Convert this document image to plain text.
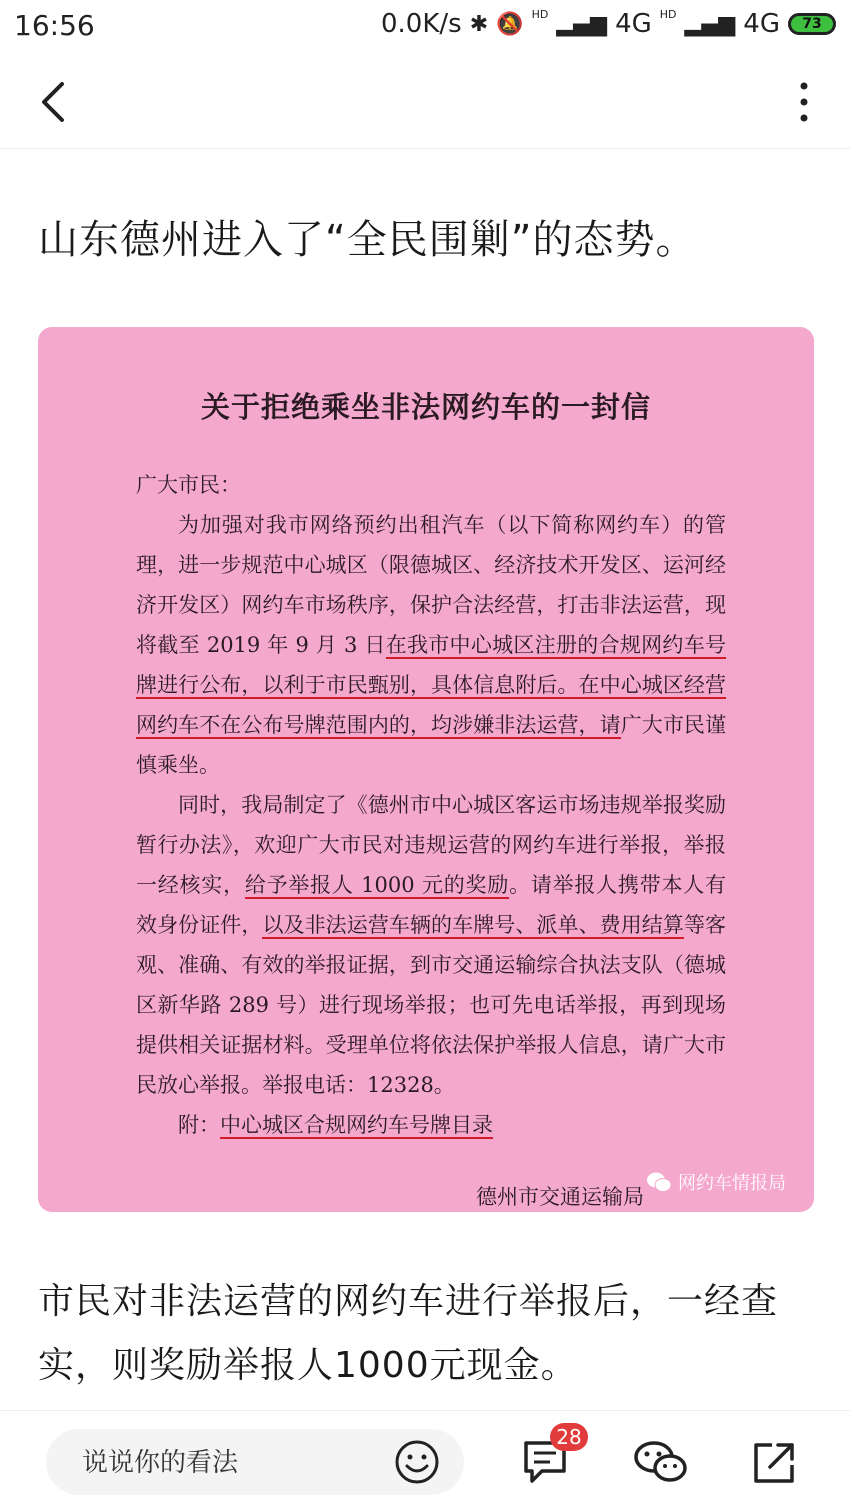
16:56	0.0K/s ✱ 🔕 HD ▂▄▆ 4G HD ▂▄▆ 4G	73
山东德州进入了“全民围剿”的态势。
关于拒绝乘坐非法网约车的一封信

广大市民：

为加强对我市网络预约出租汽车（以下简称网约车）的管理，进一步规范中心城区（限德城区、经济技术开发区、运河经济开发区）网约车市场秩序，保护合法经营，打击非法运营，现将截至 2019 年 9 月 3 日在我市中心城区注册的合规网约车号牌进行公布，以利于市民甄别，具体信息附后。在中心城区经营网约车不在公布号牌范围内的，均涉嫌非法运营，请广大市民谨慎乘坐。

同时，我局制定了《德州市中心城区客运市场违规举报奖励暂行办法》，欢迎广大市民对违规运营的网约车进行举报，举报一经核实，给予举报人 1000 元的奖励。请举报人携带本人有效身份证件，以及非法运营车辆的车牌号、派单、费用结算等客观、准确、有效的举报证据，到市交通运输综合执法支队（德城区新华路 289 号）进行现场举报；也可先电话举报，再到现场提供相关证据材料。受理单位将依法保护举报人信息，请广大市民放心举报。举报电话：12328。

附：中心城区合规网约车号牌目录

网约车情报局
德州市交通运输局
市民对非法运营的网约车进行举报后，一经查实，则奖励举报人1000元现金。
说说你的看法
28
